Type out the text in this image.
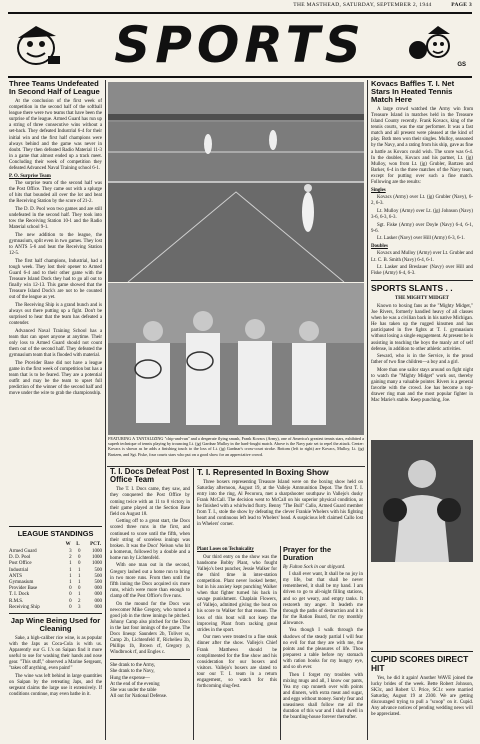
THE MASTHEAD, SATURDAY, SEPTEMBER 2, 1944	PAGE 3
SPORTS	GS
Three Teams Undefeated In Second Half of League

At the conclusion of the first week of competition in the second half of the softball league there were two teams that have been the surprise of the league. Armed Guard has run up a string of three consecutive wins without a set-back. They defeated Industrial 6-4 for their initial win and the first half champions were always behind and the game was never in doubt. They then defeated Radio Material 11-3 in a game that almost ended up a track meet. Concluding their week of competition they defeated Advanced Naval Training school 6-1.

P. O. Surprise Team

The surprise team of the second half was the Post Office. They came out with a splurge of hits that bounded all over the lot and beat the Receiving Station by the score of 21-2.

The D. D. Pool won two games and are still undefeated in the second half. They took into tow the Receiving Station 10-1 and the Radio Material school 9-1.

The new addition to the league, the gymnasium, split even in two games. They lost to ANTS 5-6 and beat the Receiving Station 12-5.

The first half champions, Industrial, had a tough week. They lost their opener to Armed Guard 6-4 and to their other game with the Treasure Island Dock they had to go all out to finally win 12-13. This game showed that the Treasure Island Dock's are not to be counted out of the league as yet.

The Receiving Ship is a grand bunch and is always out there putting up a fight. Don't be surprised to hear that the team has defeated a contender.

Advanced Naval Training School has a team that can upset anyone at anytime. Their only loss to Armed Guard should not count them out of the second half. They defeated the gymnasium team that is flooded with material.

The Provider Base did not have a league game in the first week of competition but has a team that is to be feared. They are a potential outfit and may be the team to upset full prediction of the winner of the second half and move under the wire to grab the championship.

LEAGUE STANDINGS
	W	L	PCT.
Armed Guard	3	0	1000
D. D. Pool	2	0	1000
Post Office	1	0	1000
Industrial	1	1	500
ANTS	1	1	500
Gymnasium	1	1	500
Provider Base	0	0	000
T. I. Dock	0	1	000
R.M.S.	0	2	000
Receiving Ship	0	3	000
Jap Wine Being Used for Cleaning

Sake, a high-caliber rice wine, is as popular with the Japs as Coca-Cola is with us. Apparently our G. I.'s on Saipan find it more useful to use for washing their hands and nose gear. "This stuff," observed a Marine Sergeant, "takes off anything, even paint!"

The wine was left behind in large quantities on Saipan by the retreating Japs, and the sergeant claims the large use it extensively. If conditions continue, may even bathe in it.

FEATURING A TANTALIZING "chip-and-run" and a desperate flying smash, Frank Kovacs (Army), one of America's greatest tennis stars, exhibited a superb technique of tennis playing by trouncing Lt. (jg) Gardnar Mulloy in the hard-fought match. Above is the Navy pair set to repel the attack. Center: Kovacs is shown as he adds a finishing touch to the loss of Lt. (jg) Gardnar's cross-court stroke. Bottom (left to right) are Kovacs, Mulloy, Lt. (jg) Bartzen, and Sgt. Fiske, four courts stars who put on a good show for an appreciative crowd.
T. I. Docs Defeat Post Office Team

The T. I. Docs came, they saw, and they conquered the Post Office by coming twice with an 11 to 0 victory in their game played at the Section Base field on August 18.

Getting off to a great start, the Docs scored three runs in the first, and continued to score until the fifth, when their string of scoreless innings was broken. It was the Docs' Nelson who hit a homerun, followed by a double and a home run by Lichtenfeld.

With one man out in the second, Gregory lashed out a home run to bring in two more runs. From then until the fifth inning the Docs acquired six more runs, which were more than enough to clamp off the Post Office's five runs.

On the mound for the Docs was newcomer Mike Gregory, who turned a good job in the three innings he pitched. Johnny Camp also pitched for the Docs in the last four innings of the game. The Docs lineup: Saunders 2b, Toliver ss, Camp 2b, Lichtenfeld lf, Richelieu 3b, Phillips 1b, Brown cf, Gregory p, Windbrook rf, and Engles c.

She drank to the Army,
She drank to the Navy,
Hung the expense—
At the end of the evening
She was under the table
All out for National Defense.
T. I. Represented In Boxing Show

Three boxers representing Treasure Island were on the boxing show held on Saturday afternoon, August 19, at the Vallejo Ammunition Depot. The first T. I. entry into the ring, Al Pecorora, met a sharpshooter southpaw in Vallejo's dusky Frank McCall. The decision went to McCall on his superior physical condition, as he finished with a whirlwind flurry. Benny "The Bull" Callo, Armed Guard member from T. I., stole the show by defeating the clever Frankie Whelers with his fighting heart and continuous left lead to Whelers' head. A suspicious left claimed Callo lost in Whelers' corner.

Plant Loses on Technicality

Our third entry on the show was the handsome Bobby Plant, who fought Vallejo's best puncher, Jessie Walker for the third time in inter-station competition. Plant never looked better, but in his anxiety kept punching Walker when that fighter turned his back in savage punishment. Chaplain Flowers, of Vallejo, admitted giving the bout on his score to Walker for that reason. The loss of this bout will not keep the improving Plant from racking great strides in the sport.

Our men were treated to a fine steak dinner after the show. Vallejo's Chief Frank Matthews should be complimented for the fine show and his consideration for our boxers and visitors. Vallejo's boxers are slated to tour our T. I. team in a return engagement, so watch for this forthcoming slug-fest.

Prayer for the Duration

By Fulton Sock in our shipyard.

I shall ever want, It shall be no joy in my life, but that shall be never remembered, it shall be my hand. I am driven to go to all-night filling stations, and so get weary, and empty tanks. It restoreth my anger. It leadeth me through the paths of destruction and it is for the Ration Board, for my monthly allowance.

Yea though I walk through the shadows of the steady partial I will fear no evil for that they are with me, the points and the pleasures of life. Thou preparest a table before my stomach with ration books for my hungry eye, and so oh ever.

Then I forget my troubles with mixing mugs and all, I know our pants, Yea my cup runneth over with points and dinners, with extra meat and sugar, and eggs without money. Surely fear and uneasiness shall follow me all the duration of this war and I shall dwell in the boarding-house forever thereafter.

Kovacs Baffles T. I. Net Stars In Heated Tennis Match Here

A large crowd watched the Army win from Treasure Island in matches held in the Treasure Island County recently. Frank Kovacs, king of the tennis courts, was the star performer. It was a fast match and all present were pleased at the kind of play. Both men won their singles. Mulloy, seasoned by the Navy, and a rating from his ship, gave as fine a battle as Kovacs could wish. The score was 6-4. In the doubles, Kovacs and his partner, Lt. (jg) Mulloy, won from Lt. (jg) Grubler, Bartzen and Barker, 6-4 in the three matches of the Navy team, except for putting over such a fine match. Following are the results:

Singles

Kovacs (Army) over Lt. (jg) Grubler (Navy), 6-2, 6-3.

Lt. Mulloy (Army) over Lt. (jg) Johnson (Navy) 3-6, 6-3, 6-3.

Sgt. Fiske (Army) over Doyle (Navy) 6-4, 6-1, 9-6.

Lt. Lasker (Navy) over Hill (Army) 6-3, 6-1.

Doubles

Kovacs and Mulloy (Army) over Lt. Grubler and Lt. C. B. Smith (Navy) 6-4, 6-1.

Lt. Lasker and Breslauer (Navy) over Hill and Fiske (Army) 6-4, 6-3.

SPORTS SLANTS . .

THE MIGHTY MIDGET

Known to boxing fans as the "Mighty Midget," Joe Rivers, formerly handled heavy of all classes when he was a civilian back in his native Michigan. He has taken up the rugged kinsmen and has participated in five fights at T. I. gymnasium without losing a single engagement. At present he is assisting in teaching the boys the manly art of self defense, in addition to other athletic activities.

Seward, who is in the Service, is the proud father of two fine children—a boy and a girl.

More than one sailor stays around on fight night to watch the "Mighty Midget" work out, thereby gaining many a valuable pointer. Rivers is a general favorite with the crowd. Joe has become a top-drawer ring man and the most popular fighter in Mac Marie's stable. Keep punching, Joe.

CUPID SCORES DIRECT HIT

Yes, he did it again! Another WAVE joined the lucky brides of the week. Bette Robert Johnson, SK3c, and Robert U. Price, SC1c were married Saturday, August 19 at 2300. We are getting discouraged trying to pull a "scoop" on it. Cupid. Any advance notices of pending wedding news will be appreciated.
